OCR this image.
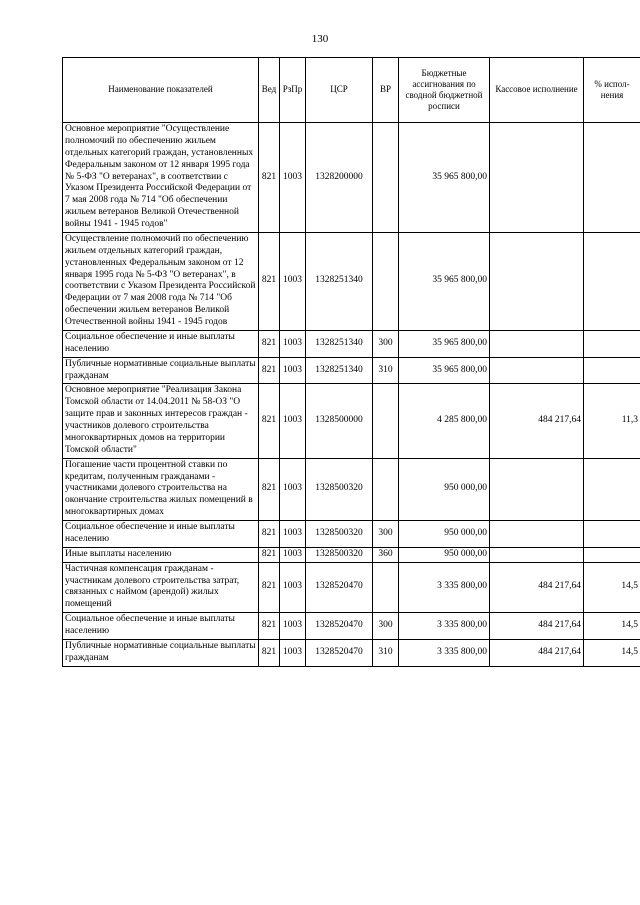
130
Наименование показателей	Вед	РзПр	ЦСР	ВР	Бюджетные ассигнования по сводной бюджетной росписи	Кассовое исполнение	% испол-нения
Основное мероприятие "Осуществление полномочий по обеспечению жильем отдельных категорий граждан, установленных Федеральным законом от 12 января 1995 года № 5-ФЗ "О ветеранах", в соответствии с Указом Президента Российской Федерации от 7 мая 2008 года № 714 "Об обеспечении жильем ветеранов Великой Отечественной войны 1941 - 1945 годов"	821	1003	1328200000		35 965 800,00		
Осуществление полномочий по обеспечению жильем отдельных категорий граждан, установленных Федеральным законом от 12 января 1995 года № 5-ФЗ "О ветеранах", в соответствии с Указом Президента Российской Федерации от 7 мая 2008 года № 714 "Об обеспечении жильем ветеранов Великой Отечественной войны 1941 - 1945 годов	821	1003	1328251340		35 965 800,00		
Социальное обеспечение и иные выплаты населению	821	1003	1328251340	300	35 965 800,00		
Публичные нормативные социальные выплаты гражданам	821	1003	1328251340	310	35 965 800,00		
Основное мероприятие "Реализация Закона Томской области от 14.04.2011 № 58-ОЗ "О защите прав и законных интересов граждан - участников долевого строительства многоквартирных домов на территории Томской области"	821	1003	1328500000		4 285 800,00	484 217,64	11,3
Погашение части процентной ставки по кредитам, полученным гражданами - участниками долевого строительства на окончание строительства жилых помещений в многоквартирных домах	821	1003	1328500320		950 000,00		
Социальное обеспечение и иные выплаты населению	821	1003	1328500320	300	950 000,00		
Иные выплаты населению	821	1003	1328500320	360	950 000,00		
Частичная компенсация гражданам - участникам долевого строительства затрат, связанных с наймом (арендой) жилых помещений	821	1003	1328520470		3 335 800,00	484 217,64	14,5
Социальное обеспечение и иные выплаты населению	821	1003	1328520470	300	3 335 800,00	484 217,64	14,5
Публичные нормативные социальные выплаты гражданам	821	1003	1328520470	310	3 335 800,00	484 217,64	14,5
